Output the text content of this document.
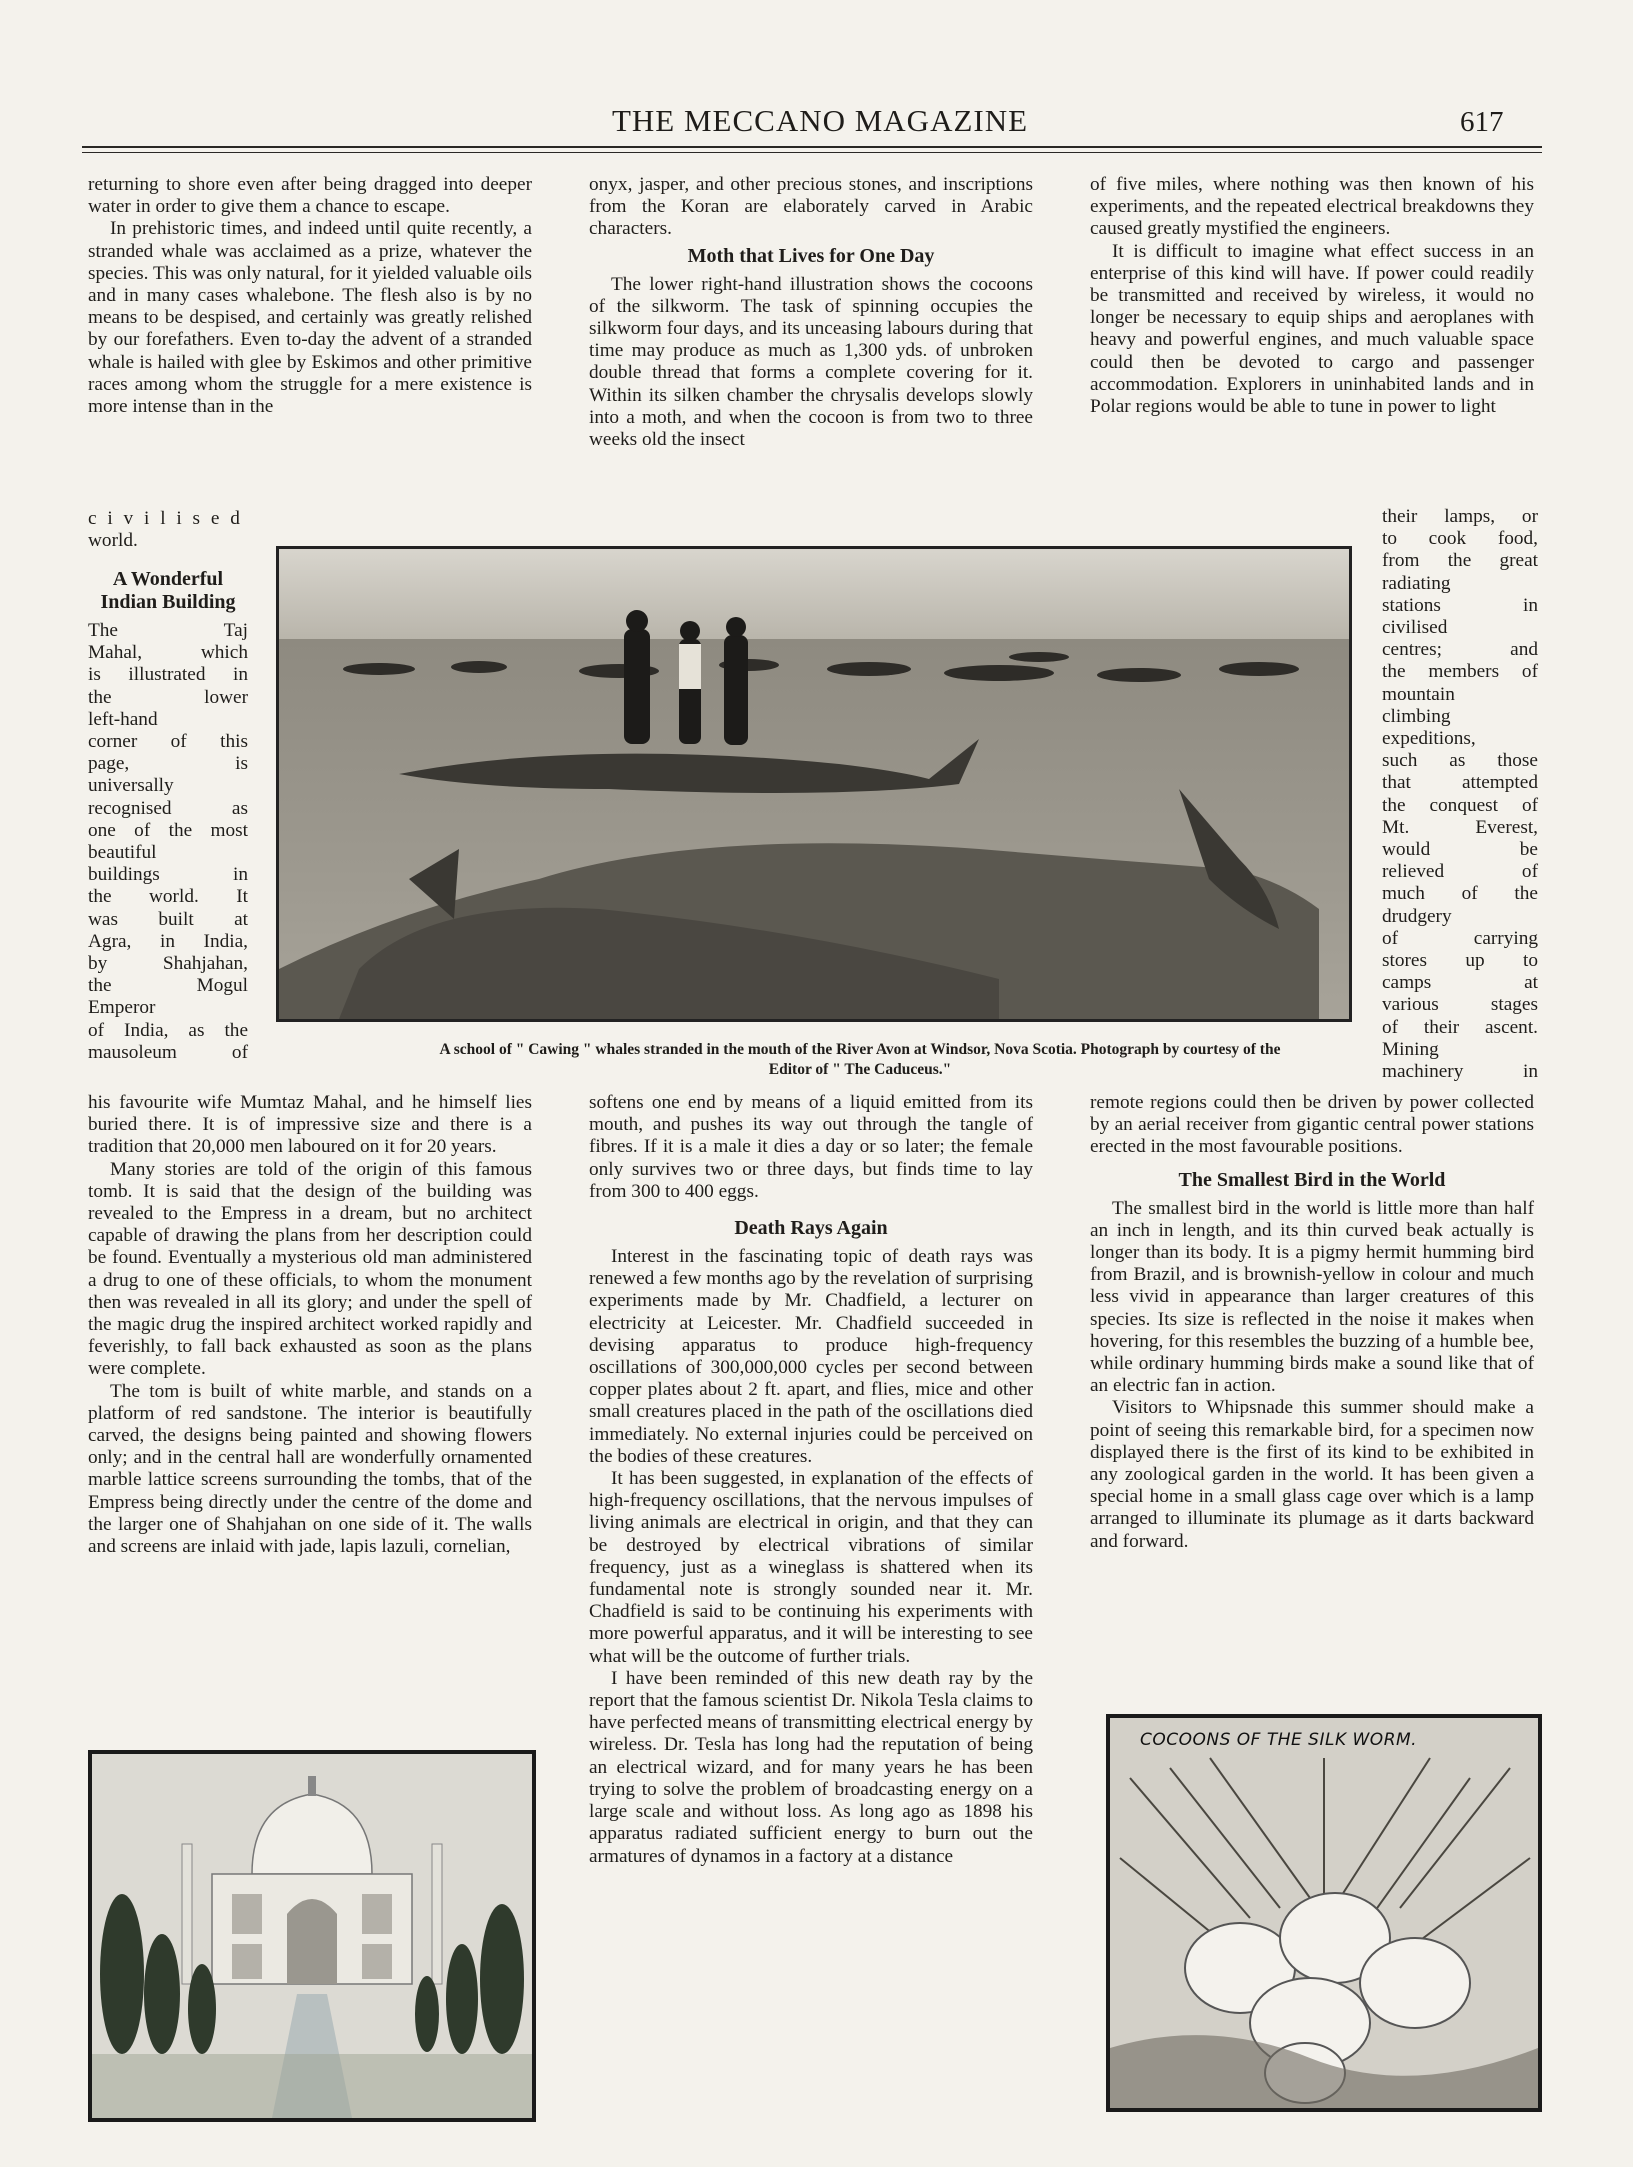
THE MECCANO MAGAZINE	617

returning to shore even after being dragged into deeper water in order to give them a chance to escape.

In prehistoric times, and indeed until quite recently, a stranded whale was acclaimed as a prize, whatever the species. This was only natural, for it yielded valuable oils and in many cases whalebone. The flesh also is by no means to be despised, and certainly was greatly relished by our forefathers. Even to-day the advent of a stranded whale is hailed with glee by Eskimos and other primitive races among whom the struggle for a mere existence is more intense than in the

c i v i l i s e d

world.

A Wonderful Indian Building
The Taj
Mahal, which
is illustrated in
the lower
left-hand
corner of this
page, is
universally
recognised as
one of the most
beautiful
buildings in
the world. It
was built at
Agra, in India,
by Shahjahan,
the Mogul
Emperor
of India, as the
mausoleum of

onyx, jasper, and other precious stones, and inscriptions from the Koran are elaborately carved in Arabic characters.

Moth that Lives for One Day

The lower right-hand illustration shows the cocoons of the silkworm. The task of spinning occupies the silkworm four days, and its unceasing labours during that time may produce as much as 1,300 yds. of unbroken double thread that forms a complete covering for it. Within its silken chamber the chrysalis develops slowly into a moth, and when the cocoon is from two to three weeks old the insect

of five miles, where nothing was then known of his experiments, and the repeated electrical breakdowns they caused greatly mystified the engineers.

It is difficult to imagine what effect success in an enterprise of this kind will have. If power could readily be transmitted and received by wireless, it would no longer be necessary to equip ships and aeroplanes with heavy and powerful engines, and much valuable space could then be devoted to cargo and passenger accommodation. Explorers in uninhabited lands and in Polar regions would be able to tune in power to light

their lamps, or
to cook food,
from the great
radiating
stations in
civilised
centres; and
the members of
mountain
climbing
expeditions,
such as those
that attempted
the conquest of
Mt. Everest,
would be
relieved of
much of the
drudgery
of carrying
stores up to
camps at
various stages
of their ascent.
Mining
machinery in
A school of " Cawing " whales stranded in the mouth of the River Avon at Windsor, Nova Scotia. Photograph by courtesy of the
Editor of " The Caduceus."

his favourite wife Mumtaz Mahal, and he himself lies buried there. It is of impressive size and there is a tradition that 20,000 men laboured on it for 20 years.

Many stories are told of the origin of this famous tomb. It is said that the design of the building was revealed to the Empress in a dream, but no architect capable of drawing the plans from her description could be found. Eventually a mysterious old man administered a drug to one of these officials, to whom the monument then was revealed in all its glory; and under the spell of the magic drug the inspired architect worked rapidly and feverishly, to fall back exhausted as soon as the plans were complete.

The tom is built of white marble, and stands on a platform of red sandstone. The interior is beautifully carved, the designs being painted and showing flowers only; and in the central hall are wonderfully ornamented marble lattice screens surrounding the tombs, that of the Empress being directly under the centre of the dome and the larger one of Shahjahan on one side of it. The walls and screens are inlaid with jade, lapis lazuli, cornelian,

softens one end by means of a liquid emitted from its mouth, and pushes its way out through the tangle of fibres. If it is a male it dies a day or so later; the female only survives two or three days, but finds time to lay from 300 to 400 eggs.

Death Rays Again

Interest in the fascinating topic of death rays was renewed a few months ago by the revelation of surprising experiments made by Mr. Chadfield, a lecturer on electricity at Leicester. Mr. Chadfield succeeded in devising apparatus to produce high-frequency oscillations of 300,000,000 cycles per second between copper plates about 2 ft. apart, and flies, mice and other small creatures placed in the path of the oscillations died immediately. No external injuries could be perceived on the bodies of these creatures.

It has been suggested, in explanation of the effects of high-frequency oscillations, that the nervous impulses of living animals are electrical in origin, and that they can be destroyed by electrical vibrations of similar frequency, just as a wineglass is shattered when its fundamental note is strongly sounded near it. Mr. Chadfield is said to be continuing his experiments with more powerful apparatus, and it will be interesting to see what will be the outcome of further trials.

I have been reminded of this new death ray by the report that the famous scientist Dr. Nikola Tesla claims to have perfected means of transmitting electrical energy by wireless. Dr. Tesla has long had the reputation of being an electrical wizard, and for many years he has been trying to solve the problem of broadcasting energy on a large scale and without loss. As long ago as 1898 his apparatus radiated sufficient energy to burn out the armatures of dynamos in a factory at a distance

remote regions could then be driven by power collected by an aerial receiver from gigantic central power stations erected in the most favourable positions.

The Smallest Bird in the World

The smallest bird in the world is little more than half an inch in length, and its thin curved beak actually is longer than its body. It is a pigmy hermit humming bird from Brazil, and is brownish-yellow in colour and much less vivid in appearance than larger creatures of this species. Its size is reflected in the noise it makes when hovering, for this resembles the buzzing of a humble bee, while ordinary humming birds make a sound like that of an electric fan in action.

Visitors to Whipsnade this summer should make a point of seeing this remarkable bird, for a specimen now displayed there is the first of its kind to be exhibited in any zoological garden in the world. It has been given a special home in a small glass cage over which is a lamp arranged to illuminate its plumage as it darts backward and forward.

COCOONS OF THE SILK WORM.
